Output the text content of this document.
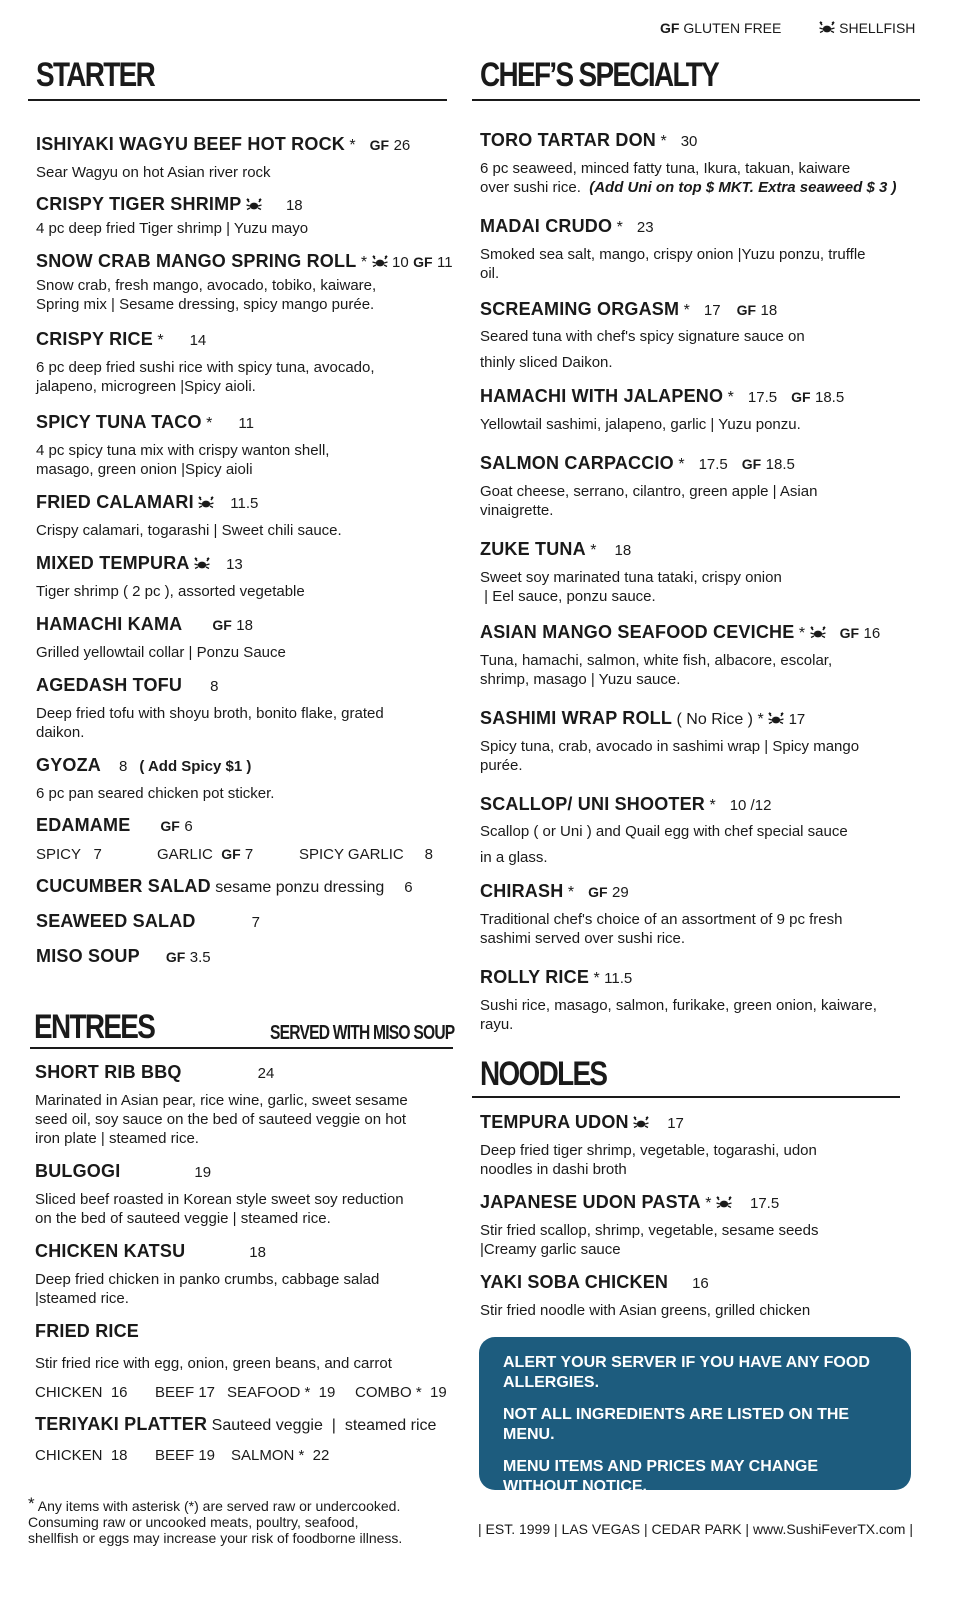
GF GLUTEN FREE	SHELLFISH
STARTER	CHEF’S SPECIALTY
ENTREES	SERVED WITH MISO SOUP
NOODLES
ISHIYAKI WAGYU BEEF HOT ROCK * GF 26
Sear Wagyu on hot Asian river rock
CRISPY TIGER SHRIMP	18
4 pc deep fried Tiger shrimp | Yuzu mayo
SNOW CRAB MANGO SPRING ROLL * 10 GF 11
Snow crab, fresh mango, avocado, tobiko, kaiware,
Spring mix | Sesame dressing, spicy mango purée.
CRISPY RICE * 14
6 pc deep fried sushi rice with spicy tuna, avocado,
jalapeno, microgreen |Spicy aioli.
SPICY TUNA TACO * 11
4 pc spicy tuna mix with crispy wanton shell,
masago, green onion |Spicy aioli
FRIED CALAMARI 11.5
Crispy calamari, togarashi | Sweet chili sauce.
MIXED TEMPURA 13
Tiger shrimp ( 2 pc ), assorted vegetable
HAMACHI KAMA GF 18
Grilled yellowtail collar | Ponzu Sauce
AGEDASH TOFU 8
Deep fried tofu with shoyu broth, bonito flake, grated
daikon.
GYOZA 8 ( Add Spicy $1 )
6 pc pan seared chicken pot sticker.
EDAMAME GF 6
SPICY 7	GARLIC GF 7	SPICY GARLIC 8
CUCUMBER SALAD sesame ponzu dressing 6
SEAWEED SALAD	7
MISO SOUP GF 3.5
TORO TARTAR DON * 30
6 pc seaweed, minced fatty tuna, Ikura, takuan, kaiware
over sushi rice. (Add Uni on top $ MKT. Extra seaweed $ 3 )
MADAI CRUDO * 23
Smoked sea salt, mango, crispy onion |Yuzu ponzu, truffle
oil.
SCREAMING ORGASM * 17 GF 18
Seared tuna with chef's spicy signature sauce on
thinly sliced Daikon.
HAMACHI WITH JALAPENO * 17.5 GF 18.5
Yellowtail sashimi, jalapeno, garlic | Yuzu ponzu.
SALMON CARPACCIO * 17.5 GF 18.5
Goat cheese, serrano, cilantro, green apple | Asian
vinaigrette.
ZUKE TUNA * 18
Sweet soy marinated tuna tataki, crispy onion
| Eel sauce, ponzu sauce.
ASIAN MANGO SEAFOOD CEVICHE * GF 16
Tuna, hamachi, salmon, white fish, albacore, escolar,
shrimp, masago | Yuzu sauce.
SASHIMI WRAP ROLL ( No Rice ) * 17
Spicy tuna, crab, avocado in sashimi wrap | Spicy mango
purée.
SCALLOP/ UNI SHOOTER * 10 /12
Scallop ( or Uni ) and Quail egg with chef special sauce
in a glass.
CHIRASH * GF 29
Traditional chef's choice of an assortment of 9 pc fresh
sashimi served over sushi rice.
ROLLY RICE * 11.5
Sushi rice, masago, salmon, furikake, green onion, kaiware,
rayu.
SHORT RIB BBQ	24
Marinated in Asian pear, rice wine, garlic, sweet sesame
seed oil, soy sauce on the bed of sauteed veggie on hot
iron plate | steamed rice.
BULGOGI	19
Sliced beef roasted in Korean style sweet soy reduction
on the bed of sauteed veggie | steamed rice.
CHICKEN KATSU	18
Deep fried chicken in panko crumbs, cabbage salad
|steamed rice.
FRIED RICE
Stir fried rice with egg, onion, green beans, and carrot
CHICKEN  16 BEEF 17 SEAFOOD *  19 COMBO *  19
TERIYAKI PLATTER Sauteed veggie  |  steamed rice
CHICKEN  18 BEEF 19 SALMON *  22
TEMPURA UDON	17
Deep fried tiger shrimp, vegetable, togarashi, udon
noodles in dashi broth
JAPANESE UDON PASTA *	17.5
Stir fried scallop, shrimp, vegetable, sesame seeds
|Creamy garlic sauce
YAKI SOBA CHICKEN 16
Stir fried noodle with Asian greens, grilled chicken

ALERT YOUR SERVER IF YOU HAVE ANY FOOD ALLERGIES.

NOT ALL INGREDIENTS ARE LISTED ON THE MENU.

MENU ITEMS AND PRICES MAY CHANGE WITHOUT NOTICE.

* Any items with asterisk (*) are served raw or undercooked.
Consuming raw or uncooked meats, poultry, seafood,
shellfish or eggs may increase your risk of foodborne illness.
| EST. 1999 | LAS VEGAS | CEDAR PARK | www.SushiFeverTX.com |
